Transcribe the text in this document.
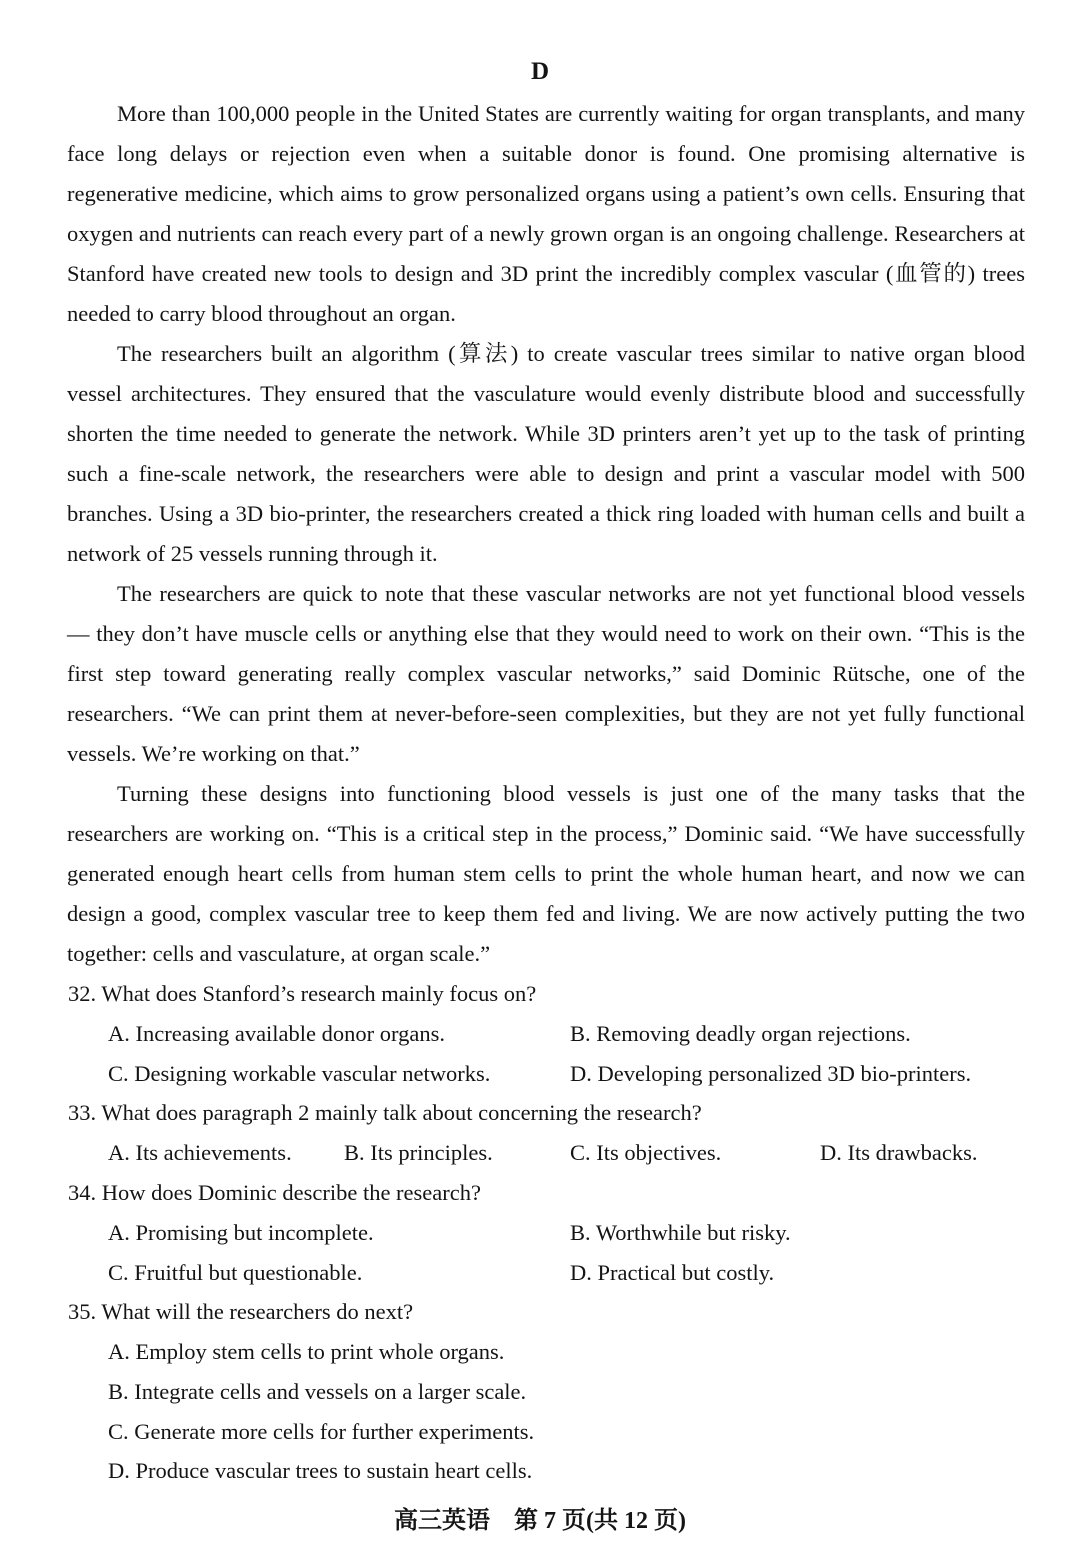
D

More than 100,000 people in the United States are currently waiting for organ transplants, and many face long delays or rejection even when a suitable donor is found. One promising alternative is regenerative medicine, which aims to grow personalized organs using a patient’s own cells. Ensuring that oxygen and nutrients can reach every part of a newly grown organ is an ongoing challenge. Researchers at Stanford have created new tools to design and 3D print the incredibly complex vascular (血管的) trees needed to carry blood throughout an organ.

The researchers built an algorithm (算法) to create vascular trees similar to native organ blood vessel architectures. They ensured that the vasculature would evenly distribute blood and successfully shorten the time needed to generate the network. While 3D printers aren’t yet up to the task of printing such a fine-scale network, the researchers were able to design and print a vascular model with 500 branches. Using a 3D bio-printer, the researchers created a thick ring loaded with human cells and built a network of 25 vessels running through it.

The researchers are quick to note that these vascular networks are not yet functional blood vessels — they don’t have muscle cells or anything else that they would need to work on their own. “This is the first step toward generating really complex vascular networks,” said Dominic Rütsche, one of the researchers. “We can print them at never-before-seen complexities, but they are not yet fully functional vessels. We’re working on that.”

Turning these designs into functioning blood vessels is just one of the many tasks that the researchers are working on. “This is a critical step in the process,” Dominic said. “We have successfully generated enough heart cells from human stem cells to print the whole human heart, and now we can design a good, complex vascular tree to keep them fed and living. We are now actively putting the two together: cells and vasculature, at organ scale.”

32. What does Stanford’s research mainly focus on?
A. Increasing available donor organs.	B. Removing deadly organ rejections.
C. Designing workable vascular networks.	D. Developing personalized 3D bio-printers.
33. What does paragraph 2 mainly talk about concerning the research?
A. Its achievements. B. Its principles.	C. Its objectives.	D. Its drawbacks.
34. How does Dominic describe the research?
A. Promising but incomplete.	B. Worthwhile but risky.
C. Fruitful but questionable.	D. Practical but costly.
35. What will the researchers do next?
A. Employ stem cells to print whole organs.
B. Integrate cells and vessels on a larger scale.
C. Generate more cells for further experiments.
D. Produce vascular trees to sustain heart cells.
高三英语　第 7 页(共 12 页)
